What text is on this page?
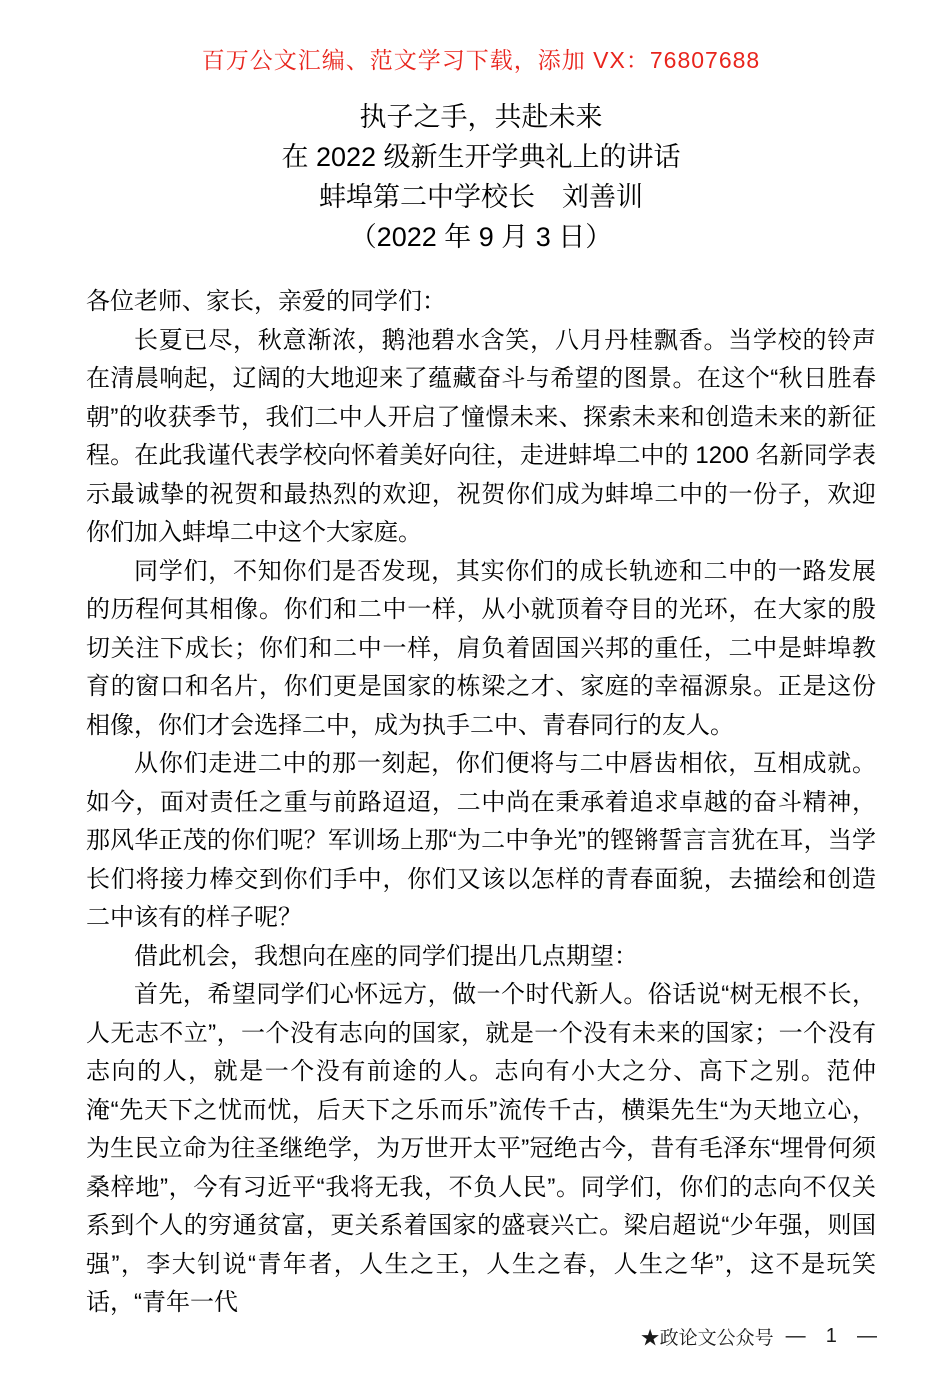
百万公文汇编、范文学习下载，添加 VX：76807688
执子之手，共赴未来
在 2022 级新生开学典礼上的讲话
蚌埠第二中学校长　刘善训
（2022 年 9 月 3 日）

各位老师、家长，亲爱的同学们：

长夏已尽，秋意渐浓，鹅池碧水含笑，八月丹桂飘香。当学校的铃声在清晨响起，辽阔的大地迎来了蕴藏奋斗与希望的图景。在这个“秋日胜春朝”的收获季节，我们二中人开启了憧憬未来、探索未来和创造未来的新征程。在此我谨代表学校向怀着美好向往，走进蚌埠二中的 1200 名新同学表示最诚挚的祝贺和最热烈的欢迎，祝贺你们成为蚌埠二中的一份子，欢迎你们加入蚌埠二中这个大家庭。

同学们，不知你们是否发现，其实你们的成长轨迹和二中的一路发展的历程何其相像。你们和二中一样，从小就顶着夺目的光环，在大家的殷切关注下成长；你们和二中一样，肩负着固国兴邦的重任，二中是蚌埠教育的窗口和名片，你们更是国家的栋梁之才、家庭的幸福源泉。正是这份相像，你们才会选择二中，成为执手二中、青春同行的友人。

从你们走进二中的那一刻起，你们便将与二中唇齿相依，互相成就。如今，面对责任之重与前路迢迢，二中尚在秉承着追求卓越的奋斗精神，那风华正茂的你们呢？军训场上那“为二中争光”的铿锵誓言言犹在耳，当学长们将接力棒交到你们手中，你们又该以怎样的青春面貌，去描绘和创造二中该有的样子呢？

借此机会，我想向在座的同学们提出几点期望：

首先，希望同学们心怀远方，做一个时代新人。俗话说“树无根不长，人无志不立”，一个没有志向的国家，就是一个没有未来的国家；一个没有志向的人，就是一个没有前途的人。志向有小大之分、高下之别。范仲淹“先天下之忧而忧，后天下之乐而乐”流传千古，横渠先生“为天地立心，为生民立命为往圣继绝学，为万世开太平”冠绝古今，昔有毛泽东“埋骨何须桑梓地”，今有习近平“我将无我，不负人民”。同学们，你们的志向不仅关系到个人的穷通贫富，更关系着国家的盛衰兴亡。梁启超说“少年强，则国强”，李大钊说“青年者，人生之王，人生之春，人生之华”，这不是玩笑话，“青年一代

★政论文公众号 —  1  —
